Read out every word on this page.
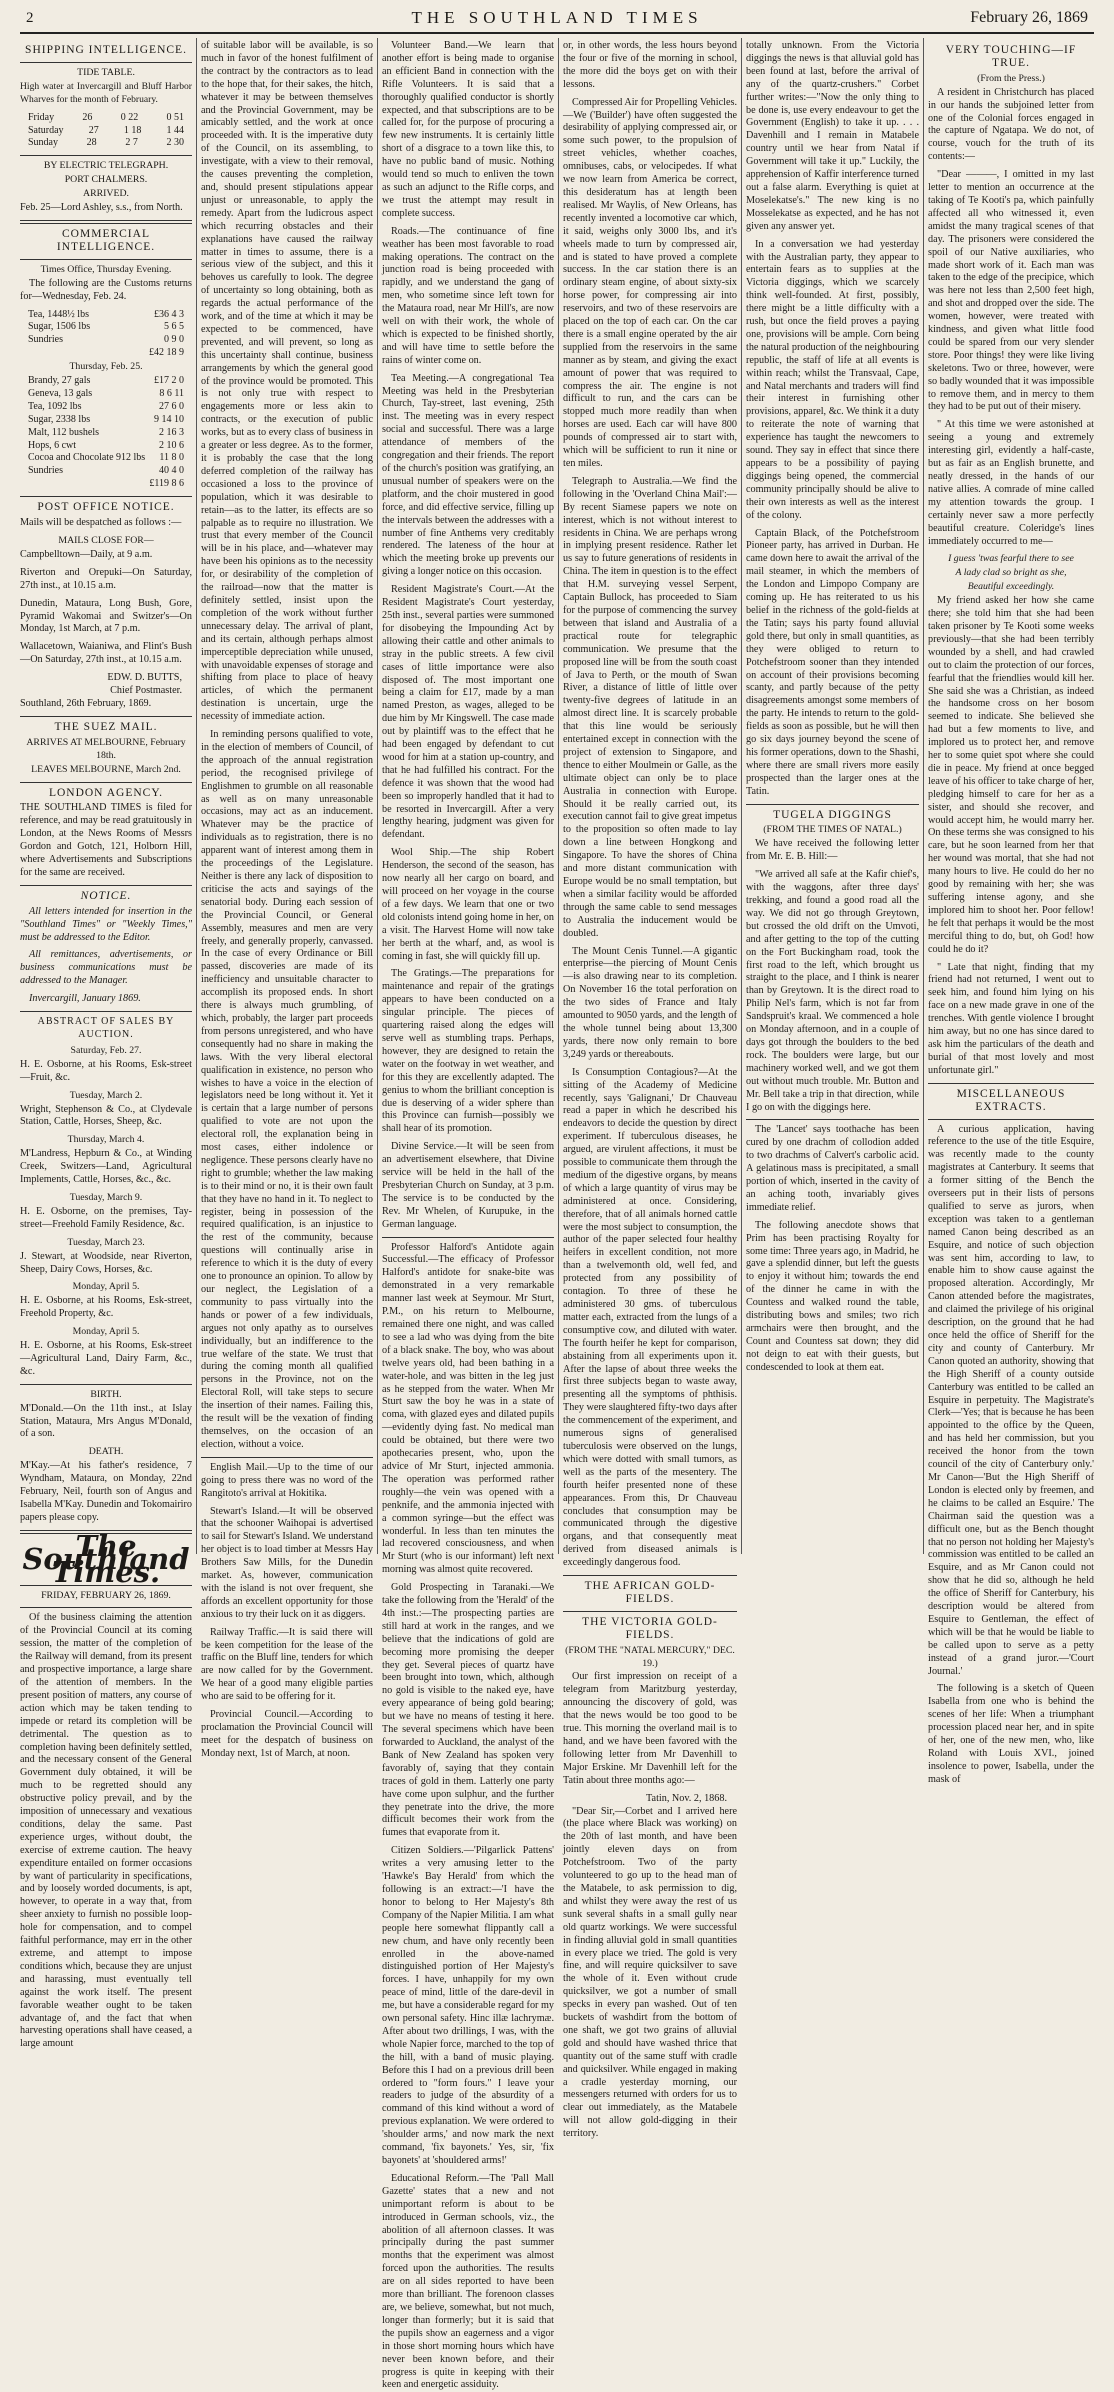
2	THE SOUTHLAND TIMES	February 26, 1869
SHIPPING INTELLIGENCE.
TIDE TABLE.

High water at Invercargill and Bluff Harbor Wharves for the month of February.

Friday	26	0 22	0 51
Saturday	27	1 18	1 44
Sunday	28	2 7	2 30
BY ELECTRIC TELEGRAPH.
PORT CHALMERS.
ARRIVED.

Feb. 25—Lord Ashley, s.s., from North.

COMMERCIAL INTELLIGENCE.
Times Office, Thursday Evening.

The following are the Customs returns for—Wednesday, Feb. 24.

Tea, 1448½ lbs	£36 4 3
Sugar, 1506 lbs	5 6 5
Sundries	0 9 0
£42 18 9
Thursday, Feb. 25.
Brandy, 27 gals	£17 2 0
Geneva, 13 gals	8 6 11
Tea, 1092 lbs	27 6 0
Sugar, 2338 lbs	9 14 10
Malt, 112 bushels	2 16 3
Hops, 6 cwt	2 10 6
Cocoa and Chocolate 912 lbs 11 8 0
Sundries	40 4 0
£119 8 6
POST OFFICE NOTICE.

Mails will be despatched as follows :—

MAILS CLOSE FOR—

Campbelltown—Daily, at 9 a.m.

Riverton and Orepuki—On Saturday, 27th inst., at 10.15 a.m.

Dunedin, Mataura, Long Bush, Gore, Pyramid Wakomai and Switzer's—On Monday, 1st March, at 7 p.m.

Wallacetown, Waianiwa, and Flint's Bush—On Saturday, 27th inst., at 10.15 a.m.

EDW. D. BUTTS,
Chief Postmaster.

Southland, 26th February, 1869.

THE SUEZ MAIL.
ARRIVES AT MELBOURNE, February 18th.
LEAVES MELBOURNE, March 2nd.
LONDON AGENCY.

THE SOUTHLAND TIMES is filed for reference, and may be read gratuitously in London, at the News Rooms of Messrs Gordon and Gotch, 121, Holborn Hill, where Advertisements and Subscriptions for the same are received.

NOTICE.

All letters intended for insertion in the "Southland Times" or "Weekly Times," must be addressed to the Editor.

All remittances, advertisements, or business communications must be addressed to the Manager.

Invercargill, January 1869.

ABSTRACT OF SALES BY AUCTION.
Saturday, Feb. 27.

H. E. Osborne, at his Rooms, Esk-street—Fruit, &c.

Tuesday, March 2.

Wright, Stephenson & Co., at Clydevale Station, Cattle, Horses, Sheep, &c.

Thursday, March 4.

M'Landress, Hepburn & Co., at Winding Creek, Switzers—Land, Agricultural Implements, Cattle, Horses, &c., &c.

Tuesday, March 9.

H. E. Osborne, on the premises, Tay-street—Freehold Family Residence, &c.

Tuesday, March 23.

J. Stewart, at Woodside, near Riverton, Sheep, Dairy Cows, Horses, &c.

Monday, April 5.

H. E. Osborne, at his Rooms, Esk-street, Freehold Property, &c.

Monday, April 5.

H. E. Osborne, at his Rooms, Esk-street—Agricultural Land, Dairy Farm, &c., &c.

BIRTH.

M'Donald.—On the 11th inst., at Islay Station, Mataura, Mrs Angus M'Donald, of a son.

DEATH.

M'Kay.—At his father's residence, 7 Wyndham, Mataura, on Monday, 22nd February, Neil, fourth son of Angus and Isabella M'Kay. Dunedin and Tokomairiro papers please copy.

The Southland Times.
FRIDAY, FEBRUARY 26, 1869.

Of the business claiming the attention of the Provincial Council at its coming session, the matter of the completion of the Railway will demand, from its present and prospective importance, a large share of the attention of members. In the present position of matters, any course of action which may be taken tending to impede or retard its completion will be detrimental. The question as to completion having been definitely settled, and the necessary consent of the General Government duly obtained, it will be much to be regretted should any obstructive policy prevail, and by the imposition of unnecessary and vexatious conditions, delay the same. Past experience urges, without doubt, the exercise of extreme caution. The heavy expenditure entailed on former occasions by want of particularity in specifications, and by loosely worded documents, is apt, however, to operate in a way that, from sheer anxiety to furnish no possible loop-hole for compensation, and to compel faithful performance, may err in the other extreme, and attempt to impose conditions which, because they are unjust and harassing, must eventually tell against the work itself. The present favorable weather ought to be taken advantage of, and the fact that when harvesting operations shall have ceased, a large amount

of suitable labor will be available, is so much in favor of the honest fulfilment of the contract by the contractors as to lead to the hope that, for their sakes, the hitch, whatever it may be between themselves and the Provincial Government, may be amicably settled, and the work at once proceeded with. It is the imperative duty of the Council, on its assembling, to investigate, with a view to their removal, the causes preventing the completion, and, should present stipulations appear unjust or unreasonable, to apply the remedy. Apart from the ludicrous aspect which recurring obstacles and their explanations have caused the railway matter in times to assume, there is a serious view of the subject, and this it behoves us carefully to look. The degree of uncertainty so long obtaining, both as regards the actual performance of the work, and of the time at which it may be expected to be commenced, have prevented, and will prevent, so long as this uncertainty shall continue, business arrangements by which the general good of the province would be promoted. This is not only true with respect to engagements more or less akin to contracts, or the execution of public works, but as to every class of business in a greater or less degree. As to the former, it is probably the case that the long deferred completion of the railway has occasioned a loss to the province of population, which it was desirable to retain—as to the latter, its effects are so palpable as to require no illustration. We trust that every member of the Council will be in his place, and—whatever may have been his opinions as to the necessity for, or desirability of the completion of the railroad—now that the matter is definitely settled, insist upon the completion of the work without further unnecessary delay. The arrival of plant, and its certain, although perhaps almost imperceptible depreciation while unused, with unavoidable expenses of storage and shifting from place to place of heavy articles, of which the permanent destination is uncertain, urge the necessity of immediate action.

In reminding persons qualified to vote, in the election of members of Council, of the approach of the annual registration period, the recognised privilege of Englishmen to grumble on all reasonable as well as on many unreasonable occasions, may act as an inducement. Whatever may be the practice of individuals as to registration, there is no apparent want of interest among them in the proceedings of the Legislature. Neither is there any lack of disposition to criticise the acts and sayings of the senatorial body. During each session of the Provincial Council, or General Assembly, measures and men are very freely, and generally properly, canvassed. In the case of every Ordinance or Bill passed, discoveries are made of its inefficiency and unsuitable character to accomplish its proposed ends. In short there is always much grumbling, of which, probably, the larger part proceeds from persons unregistered, and who have consequently had no share in making the laws. With the very liberal electoral qualification in existence, no person who wishes to have a voice in the election of legislators need be long without it. Yet it is certain that a large number of persons qualified to vote are not upon the electoral roll, the explanation being in most cases, either indolence or negligence. These persons clearly have no right to grumble; whether the law making is to their mind or no, it is their own fault that they have no hand in it. To neglect to register, being in possession of the required qualification, is an injustice to the rest of the community, because questions will continually arise in reference to which it is the duty of every one to pronounce an opinion. To allow by our neglect, the Legislation of a community to pass virtually into the hands or power of a few individuals, argues not only apathy as to ourselves individually, but an indifference to the true welfare of the state. We trust that during the coming month all qualified persons in the Province, not on the Electoral Roll, will take steps to secure the insertion of their names. Failing this, the result will be the vexation of finding themselves, on the occasion of an election, without a voice.

English Mail.—Up to the time of our going to press there was no word of the Rangitoto's arrival at Hokitika.

Stewart's Island.—It will be observed that the schooner Waihopai is advertised to sail for Stewart's Island. We understand her object is to load timber at Messrs Hay Brothers Saw Mills, for the Dunedin market. As, however, communication with the island is not over frequent, she affords an excellent opportunity for those anxious to try their luck on it as diggers.

Railway Traffic.—It is said there will be keen competition for the lease of the traffic on the Bluff line, tenders for which are now called for by the Government. We hear of a good many eligible parties who are said to be offering for it.

Provincial Council.—According to proclamation the Provincial Council will meet for the despatch of business on Monday next, 1st of March, at noon.

Volunteer Band.—We learn that another effort is being made to organise an efficient Band in connection with the Rifle Volunteers. It is said that a thoroughly qualified conductor is shortly expected, and that subscriptions are to be called for, for the purpose of procuring a few new instruments. It is certainly little short of a disgrace to a town like this, to have no public band of music. Nothing would tend so much to enliven the town as such an adjunct to the Rifle corps, and we trust the attempt may result in complete success.

Roads.—The continuance of fine weather has been most favorable to road making operations. The contract on the junction road is being proceeded with rapidly, and we understand the gang of men, who sometime since left town for the Mataura road, near Mr Hill's, are now well on with their work, the whole of which is expected to be finished shortly, and will have time to settle before the rains of winter come on.

Tea Meeting.—A congregational Tea Meeting was held in the Presbyterian Church, Tay-street, last evening, 25th inst. The meeting was in every respect social and successful. There was a large attendance of members of the congregation and their friends. The report of the church's position was gratifying, an unusual number of speakers were on the platform, and the choir mustered in good force, and did effective service, filling up the intervals between the addresses with a number of fine Anthems very creditably rendered. The lateness of the hour at which the meeting broke up prevents our giving a longer notice on this occasion.

Resident Magistrate's Court.—At the Resident Magistrate's Court yesterday, 25th inst., several parties were summoned for disobeying the Impounding Act by allowing their cattle and other animals to stray in the public streets. A few civil cases of little importance were also disposed of. The most important one being a claim for £17, made by a man named Preston, as wages, alleged to be due him by Mr Kingswell. The case made out by plaintiff was to the effect that he had been engaged by defendant to cut wood for him at a station up-country, and that he had fulfilled his contract. For the defence it was shown that the wood had been so improperly handled that it had to be resorted in Invercargill. After a very lengthy hearing, judgment was given for defendant.

Wool Ship.—The ship Robert Henderson, the second of the season, has now nearly all her cargo on board, and will proceed on her voyage in the course of a few days. We learn that one or two old colonists intend going home in her, on a visit. The Harvest Home will now take her berth at the wharf, and, as wool is coming in fast, she will quickly fill up.

The Gratings.—The preparations for maintenance and repair of the gratings appears to have been conducted on a singular principle. The pieces of quartering raised along the edges will serve well as stumbling traps. Perhaps, however, they are designed to retain the water on the footway in wet weather, and for this they are excellently adapted. The genius to whom the brilliant conception is due is deserving of a wider sphere than this Province can furnish—possibly we shall hear of its promotion.

Divine Service.—It will be seen from an advertisement elsewhere, that Divine service will be held in the hall of the Presbyterian Church on Sunday, at 3 p.m. The service is to be conducted by the Rev. Mr Whelen, of Kurupuke, in the German language.

Professor Halford's Antidote again Successful.—The efficacy of Professor Halford's antidote for snake-bite was demonstrated in a very remarkable manner last week at Seymour. Mr Sturt, P.M., on his return to Melbourne, remained there one night, and was called to see a lad who was dying from the bite of a black snake. The boy, who was about twelve years old, had been bathing in a water-hole, and was bitten in the leg just as he stepped from the water. When Mr Sturt saw the boy he was in a state of coma, with glazed eyes and dilated pupils—evidently dying fast. No medical man could be obtained, but there were two apothecaries present, who, upon the advice of Mr Sturt, injected ammonia. The operation was performed rather roughly—the vein was opened with a penknife, and the ammonia injected with a common syringe—but the effect was wonderful. In less than ten minutes the lad recovered consciousness, and when Mr Sturt (who is our informant) left next morning was almost quite recovered.

Gold Prospecting in Taranaki.—We take the following from the 'Herald' of the 4th inst.:—The prospecting parties are still hard at work in the ranges, and we believe that the indications of gold are becoming more promising the deeper they get. Several pieces of quartz have been brought into town, which, although no gold is visible to the naked eye, have every appearance of being gold bearing; but we have no means of testing it here. The several specimens which have been forwarded to Auckland, the analyst of the Bank of New Zealand has spoken very favorably of, saying that they contain traces of gold in them. Latterly one party have come upon sulphur, and the further they penetrate into the drive, the more difficult becomes their work from the fumes that evaporate from it.

Citizen Soldiers.—'Pilgarlick Pattens' writes a very amusing letter to the 'Hawke's Bay Herald' from which the following is an extract:—'I have the honor to belong to Her Majesty's 8th Company of the Napier Militia. I am what people here somewhat flippantly call a new chum, and have only recently been enrolled in the above-named distinguished portion of Her Majesty's forces. I have, unhappily for my own peace of mind, little of the dare-devil in me, but have a considerable regard for my own personal safety. Hinc illæ lachrymæ. After about two drillings, I was, with the whole Napier force, marched to the top of the hill, with a band of music playing. Before this I had on a previous drill been ordered to "form fours." I leave your readers to judge of the absurdity of a command of this kind without a word of previous explanation. We were ordered to 'shoulder arms,' and now mark the next command, 'fix bayonets.' Yes, sir, 'fix bayonets' at 'shouldered arms!'

Educational Reform.—The 'Pall Mall Gazette' states that a new and not unimportant reform is about to be introduced in German schools, viz., the abolition of all afternoon classes. It was principally during the past summer months that the experiment was almost forced upon the authorities. The results are on all sides reported to have been more than brilliant. The forenoon classes are, we believe, somewhat, but not much, longer than formerly; but it is said that the pupils show an eagerness and a vigor in those short morning hours which have never been known before, and their progress is quite in keeping with their keen and energetic assiduity.

or, in other words, the less hours beyond the four or five of the morning in school, the more did the boys get on with their lessons.

Compressed Air for Propelling Vehicles.—We ('Builder') have often suggested the desirability of applying compressed air, or some such power, to the propulsion of street vehicles, whether coaches, omnibuses, cabs, or velocipedes. If what we now learn from America be correct, this desideratum has at length been realised. Mr Waylis, of New Orleans, has recently invented a locomotive car which, it said, weighs only 3000 lbs, and it's wheels made to turn by compressed air, and is stated to have proved a complete success. In the car station there is an ordinary steam engine, of about sixty-six horse power, for compressing air into reservoirs, and two of these reservoirs are placed on the top of each car. On the car there is a small engine operated by the air supplied from the reservoirs in the same manner as by steam, and giving the exact amount of power that was required to compress the air. The engine is not difficult to run, and the cars can be stopped much more readily than when horses are used. Each car will have 800 pounds of compressed air to start with, which will be sufficient to run it nine or ten miles.

Telegraph to Australia.—We find the following in the 'Overland China Mail':—By recent Siamese papers we note on interest, which is not without interest to residents in China. We are perhaps wrong in implying present residence. Rather let us say to future generations of residents in China. The item in question is to the effect that H.M. surveying vessel Serpent, Captain Bullock, has proceeded to Siam for the purpose of commencing the survey between that island and Australia of a practical route for telegraphic communication. We presume that the proposed line will be from the south coast of Java to Perth, or the mouth of Swan River, a distance of little of little over twenty-five degrees of latitude in an almost direct line. It is scarcely probable that this line would be seriously entertained except in connection with the project of extension to Singapore, and thence to either Moulmein or Galle, as the ultimate object can only be to place Australia in connection with Europe. Should it be really carried out, its execution cannot fail to give great impetus to the proposition so often made to lay down a line between Hongkong and Singapore. To have the shores of China and more distant communication with Europe would be no small temptation, but when a similar facility would be afforded through the same cable to send messages to Australia the inducement would be doubled.

The Mount Cenis Tunnel.—A gigantic enterprise—the piercing of Mount Cenis—is also drawing near to its completion. On November 16 the total perforation on the two sides of France and Italy amounted to 9050 yards, and the length of the whole tunnel being about 13,300 yards, there now only remain to bore 3,249 yards or thereabouts.

Is Consumption Contagious?—At the sitting of the Academy of Medicine recently, says 'Galignani,' Dr Chauveau read a paper in which he described his endeavors to decide the question by direct experiment. If tuberculous diseases, he argued, are virulent affections, it must be possible to communicate them through the medium of the digestive organs, by means of which a large quantity of virus may be administered at once. Considering, therefore, that of all animals horned cattle were the most subject to consumption, the author of the paper selected four healthy heifers in excellent condition, not more than a twelvemonth old, well fed, and protected from any possibility of contagion. To three of these he administered 30 gms. of tuberculous matter each, extracted from the lungs of a consumptive cow, and diluted with water. The fourth heifer he kept for comparison, abstaining from all experiments upon it. After the lapse of about three weeks the first three subjects began to waste away, presenting all the symptoms of phthisis. They were slaughtered fifty-two days after the commencement of the experiment, and numerous signs of generalised tuberculosis were observed on the lungs, which were dotted with small tumors, as well as the parts of the mesentery. The fourth heifer presented none of these appearances. From this, Dr Chauveau concludes that consumption may be communicated through the digestive organs, and that consequently meat derived from diseased animals is exceedingly dangerous food.

THE AFRICAN GOLD-FIELDS.
THE VICTORIA GOLD-FIELDS.
(FROM THE "NATAL MERCURY," DEC. 19.)

Our first impression on receipt of a telegram from Maritzburg yesterday, announcing the discovery of gold, was that the news would be too good to be true. This morning the overland mail is to hand, and we have been favored with the following letter from Mr Davenhill to Major Erskine. Mr Davenhill left for the Tatin about three months ago:—

Tatin, Nov. 2, 1868.

"Dear Sir,—Corbet and I arrived here (the place where Black was working) on the 20th of last month, and have been jointly eleven days on from Potchefstroom. Two of the party volunteered to go up to the head man of the Matabele, to ask permission to dig, and whilst they were away the rest of us sunk several shafts in a small gully near old quartz workings. We were successful in finding alluvial gold in small quantities in every place we tried. The gold is very fine, and will require quicksilver to save the whole of it. Even without crude quicksilver, we got a number of small specks in every pan washed. Out of ten buckets of washdirt from the bottom of one shaft, we got two grains of alluvial gold and should have washed thrice that quantity out of the same stuff with cradle and quicksilver. While engaged in making a cradle yesterday morning, our messengers returned with orders for us to clear out immediately, as the Matabele will not allow gold-digging in their territory.

totally unknown. From the Victoria diggings the news is that alluvial gold has been found at last, before the arrival of any of the quartz-crushers." Corbet further writes:—"Now the only thing to be done is, use every endeavour to get the Government (English) to take it up. . . . Davenhill and I remain in Matabele country until we hear from Natal if Government will take it up." Luckily, the apprehension of Kaffir interference turned out a false alarm. Everything is quiet at Moselekatse's." The new king is no Mosselekatse as expected, and he has not given any answer yet.

In a conversation we had yesterday with the Australian party, they appear to entertain fears as to supplies at the Victoria diggings, which we scarcely think well-founded. At first, possibly, there might be a little difficulty with a rush, but once the field proves a paying one, provisions will be ample. Corn being the natural production of the neighbouring republic, the staff of life at all events is within reach; whilst the Transvaal, Cape, and Natal merchants and traders will find their interest in furnishing other provisions, apparel, &c. We think it a duty to reiterate the note of warning that experience has taught the newcomers to sound. They say in effect that since there appears to be a possibility of paying diggings being opened, the commercial community principally should be alive to their own interests as well as the interest of the colony.

Captain Black, of the Potchefstroom Pioneer party, has arrived in Durban. He came down here to await the arrival of the mail steamer, in which the members of the London and Limpopo Company are coming up. He has reiterated to us his belief in the richness of the gold-fields at the Tatin; says his party found alluvial gold there, but only in small quantities, as they were obliged to return to Potchefstroom sooner than they intended on account of their provisions becoming scanty, and partly because of the petty disagreements amongst some members of the party. He intends to return to the gold-fields as soon as possible, but he will then go six days journey beyond the scene of his former operations, down to the Shashi, where there are small rivers more easily prospected than the larger ones at the Tatin.

TUGELA DIGGINGS
(FROM THE TIMES OF NATAL.)

We have received the following letter from Mr. E. B. Hill:—

"We arrived all safe at the Kafir chief's, with the waggons, after three days' trekking, and found a good road all the way. We did not go through Greytown, but crossed the old drift on the Umvoti, and after getting to the top of the cutting on the Fort Buckingham road, took the first road to the left, which brought us straight to the place, and I think is nearer than by Greytown. It is the direct road to Philip Nel's farm, which is not far from Sandspruit's kraal. We commenced a hole on Monday afternoon, and in a couple of days got through the boulders to the bed rock. The boulders were large, but our machinery worked well, and we got them out without much trouble. Mr. Button and Mr. Bell take a trip in that direction, while I go on with the diggings here.

The 'Lancet' says toothache has been cured by one drachm of collodion added to two drachms of Calvert's carbolic acid. A gelatinous mass is precipitated, a small portion of which, inserted in the cavity of an aching tooth, invariably gives immediate relief.

The following anecdote shows that Prim has been practising Royalty for some time: Three years ago, in Madrid, he gave a splendid dinner, but left the guests to enjoy it without him; towards the end of the dinner he came in with the Countess and walked round the table, distributing bows and smiles; two rich armchairs were then brought, and the Count and Countess sat down; they did not deign to eat with their guests, but condescended to look at them eat.

VERY TOUCHING—IF TRUE.
(From the Press.)

A resident in Christchurch has placed in our hands the subjoined letter from one of the Colonial forces engaged in the capture of Ngatapa. We do not, of course, vouch for the truth of its contents:—

"Dear ———, I omitted in my last letter to mention an occurrence at the taking of Te Kooti's pa, which painfully affected all who witnessed it, even amidst the many tragical scenes of that day. The prisoners were considered the spoil of our Native auxiliaries, who made short work of it. Each man was taken to the edge of the precipice, which was here not less than 2,500 feet high, and shot and dropped over the side. The women, however, were treated with kindness, and given what little food could be spared from our very slender store. Poor things! they were like living skeletons. Two or three, however, were so badly wounded that it was impossible to remove them, and in mercy to them they had to be put out of their misery.

" At this time we were astonished at seeing a young and extremely interesting girl, evidently a half-caste, but as fair as an English brunette, and neatly dressed, in the hands of our native allies. A comrade of mine called my attention towards the group. I certainly never saw a more perfectly beautiful creature. Coleridge's lines immediately occurred to me—

I guess 'twas fearful there to see
A lady clad so bright as she,
Beautiful exceedingly.

My friend asked her how she came there; she told him that she had been taken prisoner by Te Kooti some weeks previously—that she had been terribly wounded by a shell, and had crawled out to claim the protection of our forces, fearful that the friendlies would kill her. She said she was a Christian, as indeed the handsome cross on her bosom seemed to indicate. She believed she had but a few moments to live, and implored us to protect her, and remove her to some quiet spot where she could die in peace. My friend at once begged leave of his officer to take charge of her, pledging himself to care for her as a sister, and should she recover, and would accept him, he would marry her. On these terms she was consigned to his care, but he soon learned from her that her wound was mortal, that she had not many hours to live. He could do her no good by remaining with her; she was suffering intense agony, and she implored him to shoot her. Poor fellow! he felt that perhaps it would be the most merciful thing to do, but, oh God! how could he do it?

" Late that night, finding that my friend had not returned, I went out to seek him, and found him lying on his face on a new made grave in one of the trenches. With gentle violence I brought him away, but no one has since dared to ask him the particulars of the death and burial of that most lovely and most unfortunate girl."

MISCELLANEOUS EXTRACTS.

A curious application, having reference to the use of the title Esquire, was recently made to the county magistrates at Canterbury. It seems that a former sitting of the Bench the overseers put in their lists of persons qualified to serve as jurors, when exception was taken to a gentleman named Canon being described as an Esquire, and notice of such objection was sent him, according to law, to enable him to show cause against the proposed alteration. Accordingly, Mr Canon attended before the magistrates, and claimed the privilege of his original description, on the ground that he had once held the office of Sheriff for the city and county of Canterbury. Mr Canon quoted an authority, showing that the High Sheriff of a county outside Canterbury was entitled to be called an Esquire in perpetuity. The Magistrate's Clerk—'Yes; that is because he has been appointed to the office by the Queen, and has held her commission, but you received the honor from the town council of the city of Canterbury only.' Mr Canon—'But the High Sheriff of London is elected only by freemen, and he claims to be called an Esquire.' The Chairman said the question was a difficult one, but as the Bench thought that no person not holding her Majesty's commission was entitled to be called an Esquire, and as Mr Canon could not show that he did so, although he held the office of Sheriff for Canterbury, his description would be altered from Esquire to Gentleman, the effect of which will be that he would be liable to be called upon to serve as a petty instead of a grand juror.—'Court Journal.'

The following is a sketch of Queen Isabella from one who is behind the scenes of her life: When a triumphant procession placed near her, and in spite of her, one of the new men, who, like Roland with Louis XVI., joined insolence to power, Isabella, under the mask of
